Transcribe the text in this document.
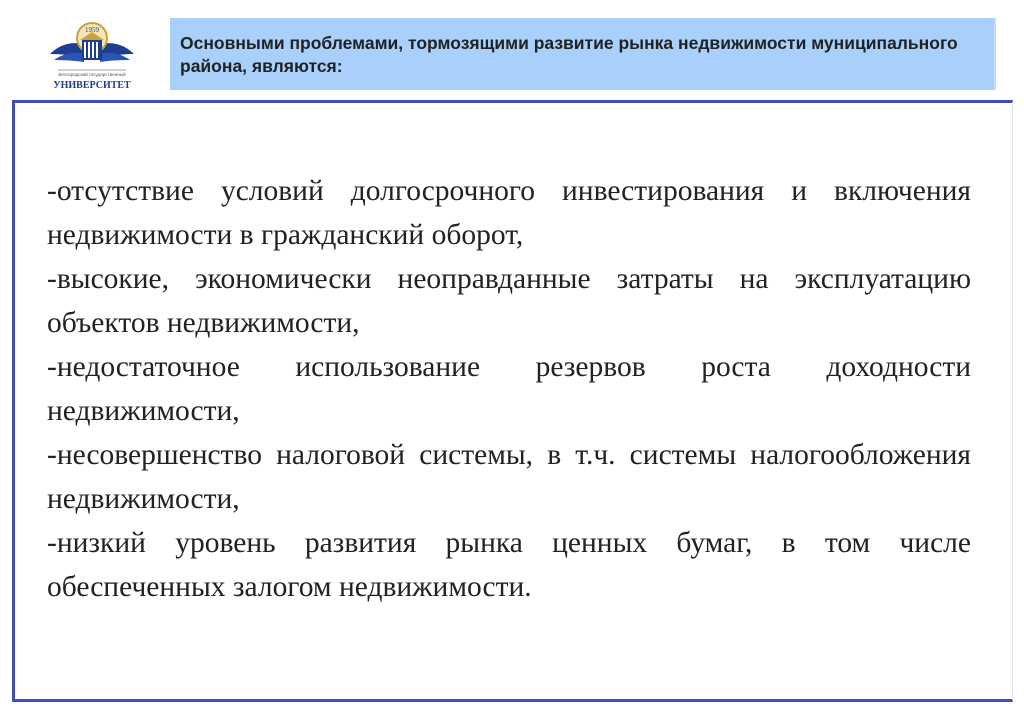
1959
Белгородский государственный
УНИВЕРСИТЕТ
Основными проблемами, тормозящими развитие рынка недвижимости муниципального района, являются:

-отсутствие условий долгосрочного инвестирования и включения недвижимости в гражданский оборот,

-высокие, экономически неоправданные затраты на эксплуатацию объектов недвижимости,

-недостаточное использование резервов роста доходности недвижимости,

-несовершенство налоговой системы, в т.ч. системы налогообложения недвижимости,

-низкий уровень развития рынка ценных бумаг, в том числе обеспеченных залогом недвижимости.
